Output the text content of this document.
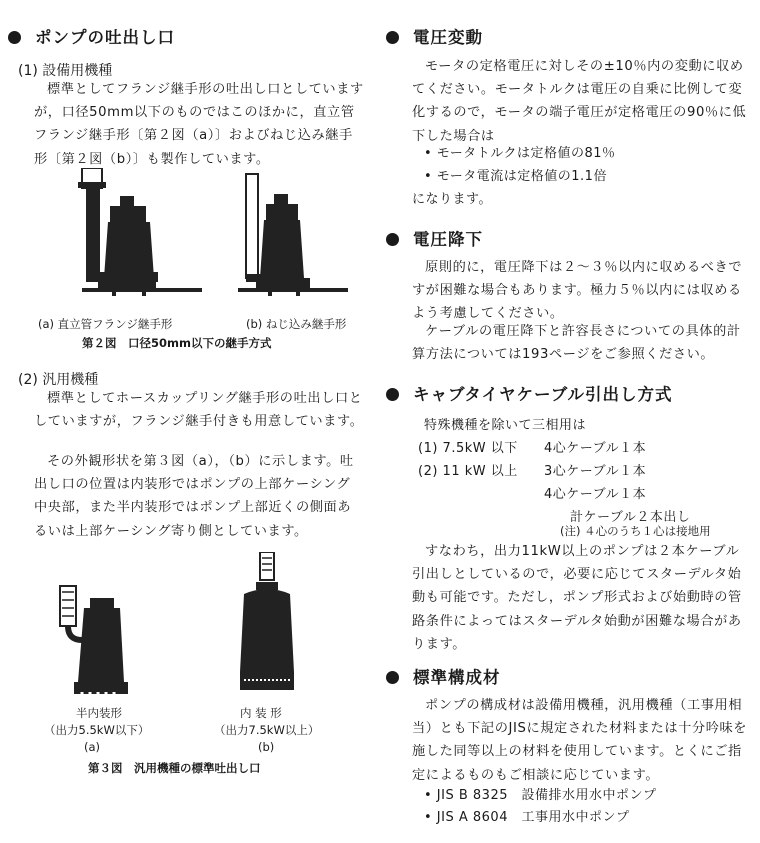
ポンプの吐出し口
(1) 設備用機種
標準としてフランジ継手形の吐出し口としていますが，口径50mm以下のものではこのほかに，直立管フランジ継手形〔第２図（a）〕およびねじ込み継手形〔第２図（b）〕も製作しています。
(a) 直立管フランジ継手形	(b) ねじ込み継手形
第２図　口径50mm以下の継手方式
(2) 汎用機種
標準としてホースカップリング継手形の吐出し口としていますが，フランジ継手付きも用意しています。
その外観形状を第３図（a），（b）に示します。吐出し口の位置は内装形ではポンプの上部ケーシング中央部，また半内装形ではポンプ上部近くの側面あるいは上部ケーシング寄り側としています。
半内装形
（出力5.5kW以下）
(a)
内 装 形
（出力7.5kW以上）
(b)
第３図　汎用機種の標準吐出し口
電圧変動
モータの定格電圧に対しその±10％内の変動に収めてください。モータトルクは電圧の自乗に比例して変化するので，モータの端子電圧が定格電圧の90％に低下した場合は
• モータトルクは定格値の81％
• モータ電流は定格値の1.1倍
になります。
電圧降下
原則的に，電圧降下は２～３％以内に収めるべきですが困難な場合もあります。極力５％以内には収めるよう考慮してください。
ケーブルの電圧降下と許容長さについての具体的計算方法については193ページをご参照ください。
キャブタイヤケーブル引出し方式
特殊機種を除いて三相用は
(1) 7.5kW 以下 4心ケーブル１本
(2) 11 kW 以上 3心ケーブル１本
4心ケーブル１本
計ケーブル２本出し
(注) ４心のうち１心は接地用
すなわち，出力11kW以上のポンプは２本ケーブル引出しとしているので，必要に応じてスターデルタ始動も可能です。ただし，ポンプ形式および始動時の管路条件によってはスターデルタ始動が困難な場合があります。
標準構成材
ポンプの構成材は設備用機種，汎用機種（工事用相当）とも下記のJISに規定された材料または十分吟味を施した同等以上の材料を使用しています。とくにご指定によるものもご相談に応じています。
• JIS B 8325　設備排水用水中ポンプ
• JIS A 8604　工事用水中ポンプ
